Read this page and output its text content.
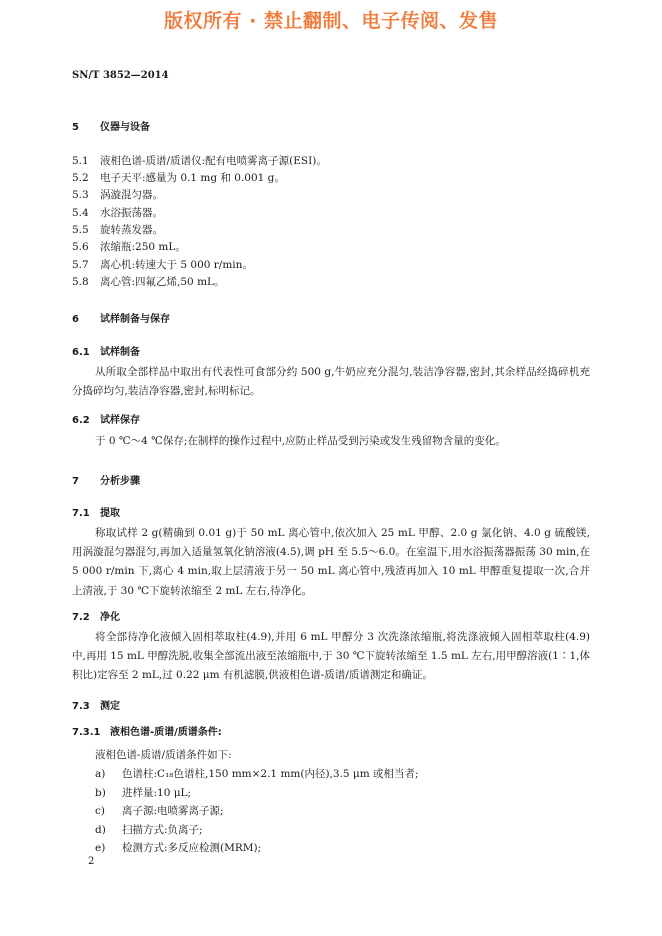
版权所有 · 禁止翻制、电子传阅、发售
SN/T 3852—2014
5 仪器与设备
5.1 液相色谱-质谱/质谱仪:配有电喷雾离子源(ESI)。
5.2 电子天平:感量为 0.1 mg 和 0.001 g。
5.3 涡漩混匀器。
5.4 水浴振荡器。
5.5 旋转蒸发器。
5.6 浓缩瓶:250 mL。
5.7 离心机:转速大于 5 000 r/min。
5.8 离心管:四氟乙烯,50 mL。
6 试样制备与保存
6.1 试样制备
从所取全部样品中取出有代表性可食部分约 500 g,牛奶应充分混匀,装洁净容器,密封,其余样品经捣碎机充分捣碎均匀,装洁净容器,密封,标明标记。
6.2 试样保存
于 0 ℃～4 ℃保存;在制样的操作过程中,应防止样品受到污染或发生残留物含量的变化。
7 分析步骤
7.1 提取
称取试样 2 g(精确到 0.01 g)于 50 mL 离心管中,依次加入 25 mL 甲醇、2.0 g 氯化钠、4.0 g 硫酸镁,用涡漩混匀器混匀,再加入适量氢氧化钠溶液(4.5),调 pH 至 5.5～6.0。在室温下,用水浴振荡器振荡 30 min,在 5 000 r/min 下,离心 4 min,取上层清液于另一 50 mL 离心管中,残渣再加入 10 mL 甲醇重复提取一次,合并上清液,于 30 ℃下旋转浓缩至 2 mL 左右,待净化。
7.2 净化
将全部待净化液倾入固相萃取柱(4.9),并用 6 mL 甲醇分 3 次洗涤浓缩瓶,将洗涤液倾入固相萃取柱(4.9)中,再用 15 mL 甲醇洗脱,收集全部流出液至浓缩瓶中,于 30 ℃下旋转浓缩至 1.5 mL 左右,用甲醇溶液(1∶1,体积比)定容至 2 mL,过 0.22 μm 有机滤膜,供液相色谱-质谱/质谱测定和确证。
7.3 测定
7.3.1 液相色谱-质谱/质谱条件:
液相色谱-质谱/质谱条件如下:
a) 色谱柱:C₁₈色谱柱,150 mm×2.1 mm(内径),3.5 μm 或相当者;
b) 进样量:10 μL;
c) 离子源:电喷雾离子源;
d) 扫描方式:负离子;
e) 检测方式:多反应检测(MRM);
2
